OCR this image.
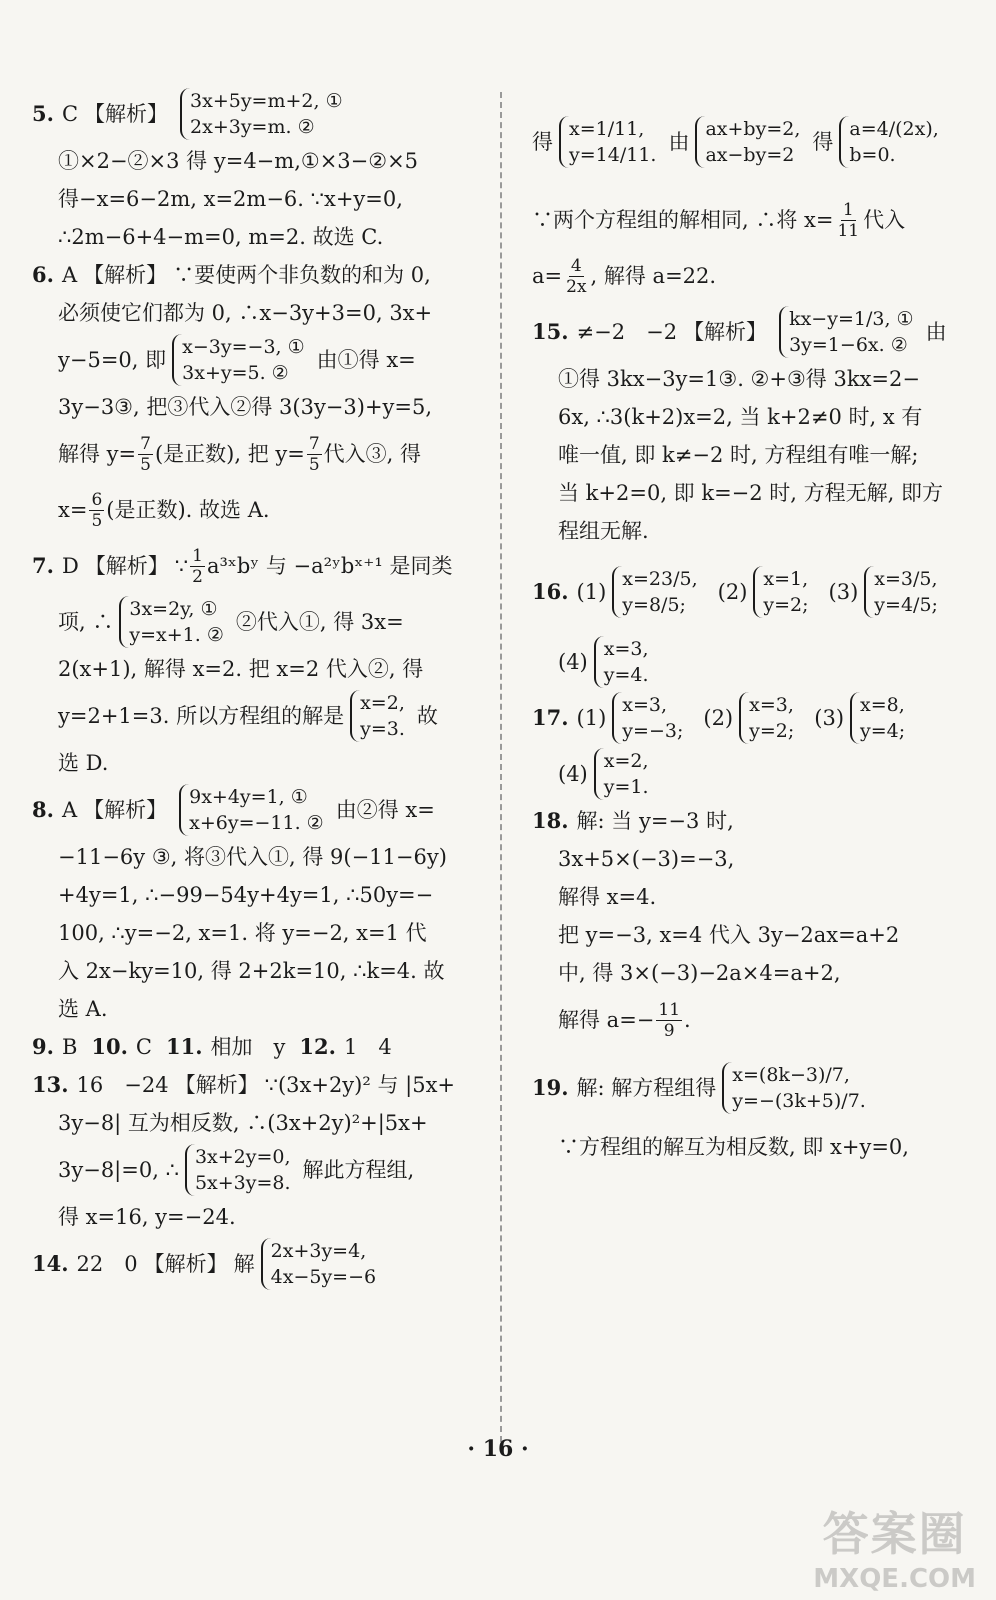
5. C 【解析】
3x+5y=m+2, ①
2x+3y=m. ②
①×2−②×3 得 y=4−m,①×3−②×5
得−x=6−2m, x=2m−6. ∵x+y=0,
∴2m−6+4−m=0, m=2. 故选 C.
6. A 【解析】 ∵要使两个非负数的和为 0,
必须使它们都为 0, ∴x−3y+3=0, 3x+
y−5=0, 即
x−3y=−3, ①
3x+y=5. ②
由①得 x=
3y−3③, 把③代入②得 3(3y−3)+y=5,
解得 $y= \frac{7}{5}$ (是正数), 把 $y= \frac{7}{5}$ 代入③, 得
$x= \frac{6}{5}$ (是正数). 故选 A.
7. D 【解析】 ∵ $\frac{1}{2}$ a³ˣbʸ 与 −a²ʸbˣ⁺¹ 是同类
项, ∴
3x=2y, ①
y=x+1. ②
②代入①, 得 3x=
2(x+1), 解得 x=2. 把 x=2 代入②, 得
y=2+1=3. 所以方程组的解是
x=2,
y=3.
故
选 D.
8. A 【解析】
9x+4y=1, ①
x+6y=−11. ②
由②得 x=
−11−6y ③, 将③代入①, 得 9(−11−6y)
+4y=1, ∴−99−54y+4y=1, ∴50y=−
100, ∴y=−2, x=1. 将 y=−2, x=1 代
入 2x−ky=10, 得 2+2k=10, ∴k=4. 故
选 A.
9. B 10. C 11. 相加　y 12. 1　4
13. 16　−24 【解析】 ∵(3x+2y)² 与 |5x+
3y−8| 互为相反数, ∴(3x+2y)²+|5x+
3y−8|=0, ∴
3x+2y=0,
5x+3y=8.
解此方程组,
得 x=16, y=−24.
14. 22　0 【解析】 解
2x+3y=4,
4x−5y=−6
得
x=1/11,
y=14/11.
由
ax+by=2,
ax−by=2
得
a=4/(2x),
b=0.
∵两个方程组的解相同, ∴将 $x= \frac{1}{11}$ 代入
$a= \frac{4}{2x}$ , 解得 a=22.
15. ≠−2　−2 【解析】
kx−y=1/3, ①
3y=1−6x. ②
由
①得 3kx−3y=1③. ②+③得 3kx=2−
6x, ∴3(k+2)x=2, 当 k+2≠0 时, x 有
唯一值, 即 k≠−2 时, 方程组有唯一解;
当 k+2=0, 即 k=−2 时, 方程无解, 即方
程组无解.
16. (1)
x=23/5,
y=8/5;
(2)
x=1,
y=2;
(3)
x=3/5,
y=4/5;
(4)
x=3,
y=4.
17. (1)
x=3,
y=−3;
(2)
x=3,
y=2;
(3)
x=8,
y=4;
(4)
x=2,
y=1.
18. 解: 当 y=−3 时,
3x+5×(−3)=−3,
解得 x=4.
把 y=−3, x=4 代入 3y−2ax=a+2
中, 得 3×(−3)−2a×4=a+2,
解得 $a=- \frac{11}{9}$ .
19. 解: 解方程组得
x=(8k−3)/7,
y=−(3k+5)/7.
∵方程组的解互为相反数, 即 x+y=0,
· 16 ·
答案圈
MXQE.COM
